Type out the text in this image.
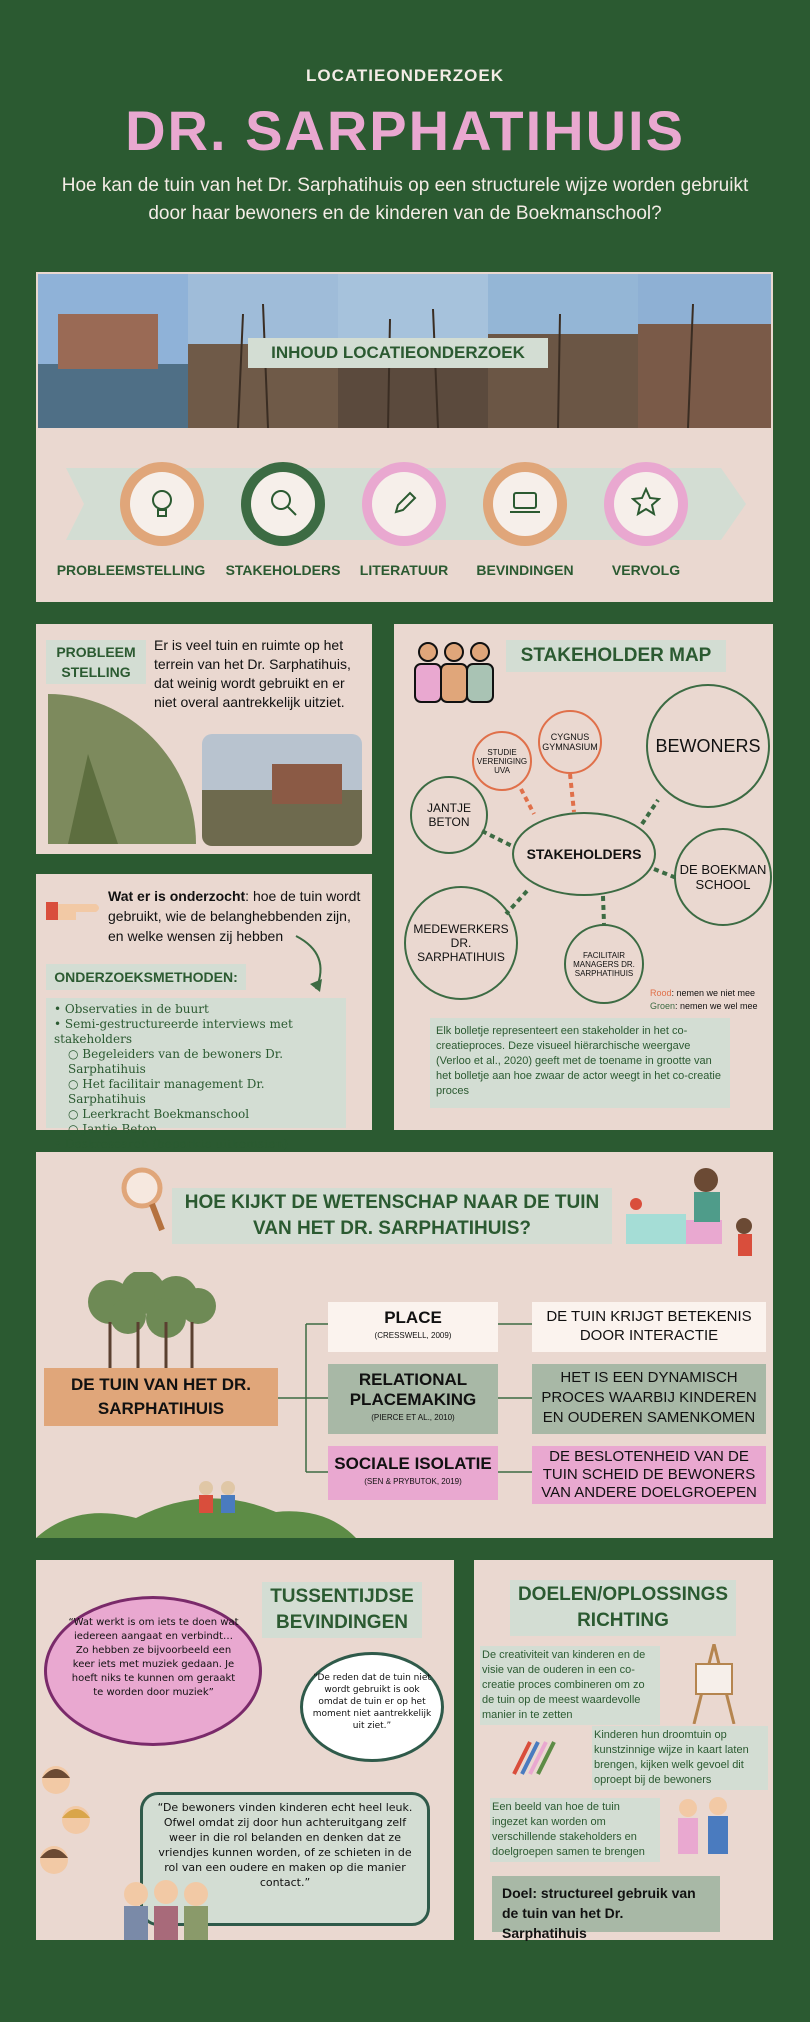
LOCATIEONDERZOEK
DR. SARPHATIHUIS
Hoe kan de tuin van het Dr. Sarphatihuis op een structurele wijze worden gebruikt door haar bewoners en de kinderen van de Boekmanschool?
INHOUD LOCATIEONDERZOEK
PROBLEEMSTELLING	STAKEHOLDERS	LITERATUUR	BEVINDINGEN	VERVOLG
PROBLEEM
STELLING
Er is veel tuin en ruimte op het terrein van het Dr. Sarphatihuis, dat weinig wordt gebruikt en er niet overal aantrekkelijk uitziet.
Wat er is onderzocht: hoe de tuin wordt gebruikt, wie de belanghebbenden zijn, en welke wensen zij hebben
ONDERZOEKSMETHODEN:
• Observaties in de buurt
• Semi-gestructureerde interviews met stakeholders
○ Begeleiders van de bewoners Dr. Sarphatihuis
○ Het facilitair management Dr. Sarphatihuis
○ Leerkracht Boekmanschool
○ Jantje Beton
• Deskresearch (beperkte uitkomsten)
STAKEHOLDER MAP
STUDIE VERENIGING UVA
CYGNUS GYMNASIUM	BEWONERS
JANTJE BETON
STAKEHOLDERS
DE BOEKMAN SCHOOL
MEDEWERKERS DR. SARPHATIHUIS	FACILITAIR MANAGERS DR. SARPHATIHUIS
Rood: nemen we niet mee
Groen: nemen we wel mee
Elk bolletje representeert een stakeholder in het co-creatieproces. Deze visueel hiërarchische weergave (Verloo et al., 2020) geeft met de toename in grootte van het bolletje aan hoe zwaar de actor weegt in het co-creatie proces
HOE KIJKT DE WETENSCHAP NAAR DE TUIN VAN HET DR. SARPHATIHUIS?
DE TUIN VAN HET DR. SARPHATIHUIS
PLACE
(CRESSWELL, 2009)
RELATIONAL PLACEMAKING
(PIERCE ET AL., 2010)
SOCIALE ISOLATIE
(SEN & PRYBUTOK, 2019)
DE TUIN KRIJGT BETEKENIS DOOR INTERACTIE
HET IS EEN DYNAMISCH PROCES WAARBIJ KINDEREN EN OUDEREN SAMENKOMEN
DE BESLOTENHEID VAN DE TUIN SCHEID DE BEWONERS VAN ANDERE DOELGROEPEN
TUSSENTIJDSE
BEVINDINGEN
“Wat werkt is om iets te doen wat iedereen aangaat en verbindt… Zo hebben ze bijvoorbeeld een keer iets met muziek gedaan. Je hoeft niks te kunnen om geraakt te worden door muziek”
“De reden dat de tuin niet wordt gebruikt is ook omdat de tuin er op het moment niet aantrekkelijk uit ziet.”
“De bewoners vinden kinderen echt heel leuk. Ofwel omdat zij door hun achteruitgang zelf weer in die rol belanden en denken dat ze vriendjes kunnen worden, of ze schieten in de rol van een oudere en maken op die manier contact.”
DOELEN/OPLOSSINGS
RICHTING
De creativiteit van kinderen en de visie van de ouderen in een co-creatie proces combineren om zo de tuin op de meest waardevolle manier in te zetten
Kinderen hun droomtuin op kunstzinnige wijze in kaart laten brengen, kijken welk gevoel dit oproept bij de bewoners
Een beeld van hoe de tuin ingezet kan worden om verschillende stakeholders en doelgroepen samen te brengen
Doel: structureel gebruik van de tuin van het Dr. Sarphatihuis
